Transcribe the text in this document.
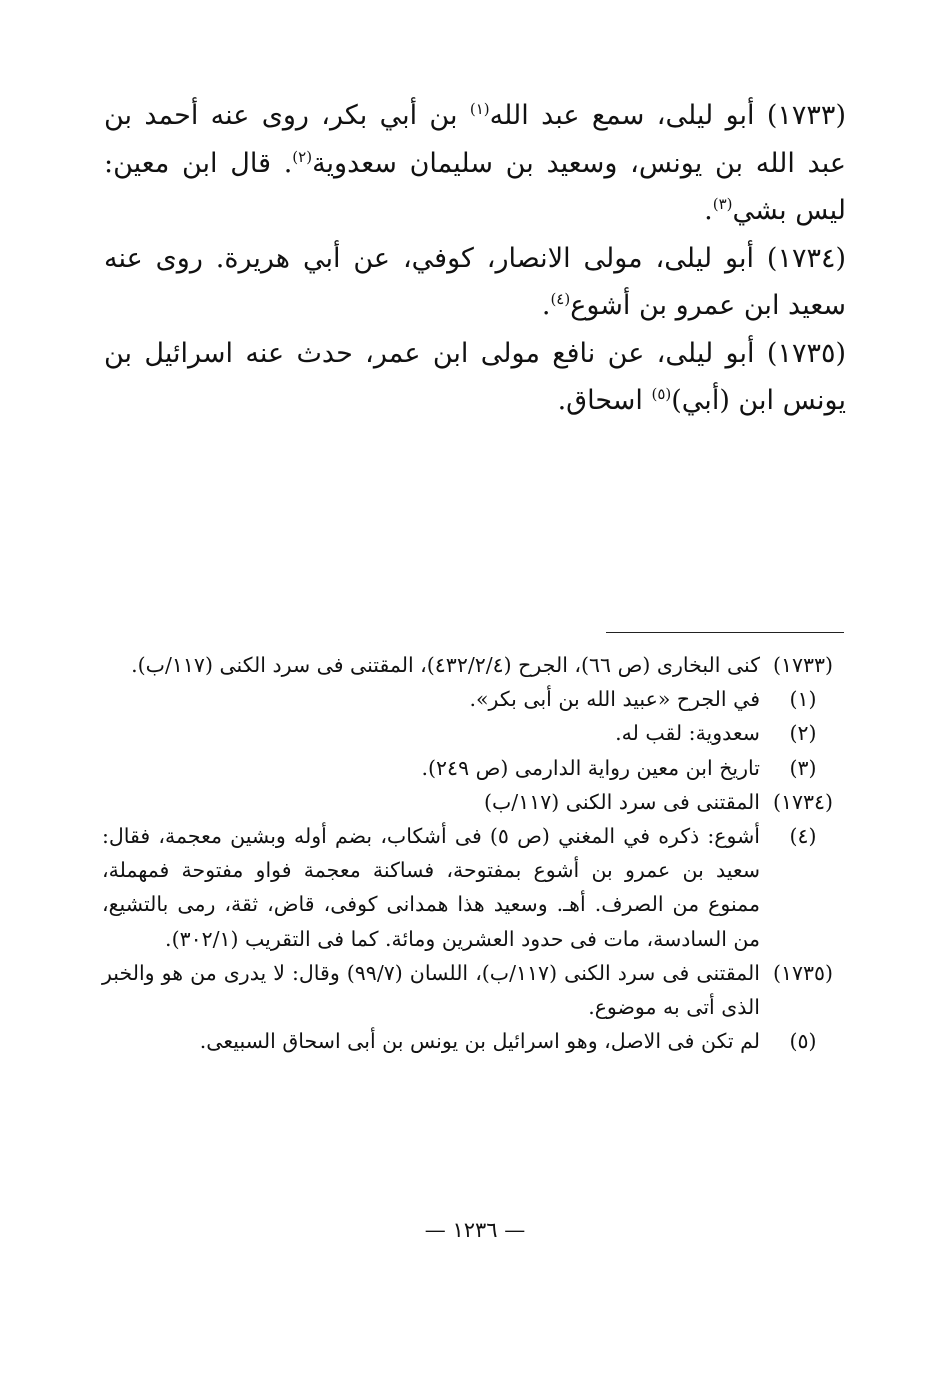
(١٧٣٣) أبو ليلى، سمع عبد الله$^{(١)}$ بن أبي بكر، روى عنه أحمد بن عبد الله بن يونس، وسعيد بن سليمان سعدوية$^{(٢)}$. قال ابن معين: ليس بشي$^{(٣)}$.

(١٧٣٤) أبو ليلى، مولى الانصار، كوفي، عن أبي هريرة. روى عنه سعيد ابن عمرو بن أشوع$^{(٤)}$.

(١٧٣٥) أبو ليلى، عن نافع مولى ابن عمر، حدث عنه اسرائيل بن يونس ابن (أبي)$^{(٥)}$ اسحاق.

(١٧٣٣)
كنى البخارى (ص ٦٦)، الجرح (٤٣٢/٢/٤)، المقتنى فى سرد الكنى (١١٧/ب).
(١)
في الجرح «عبيد الله بن أبى بكر».
(٢)
سعدوية: لقب له.
(٣)
تاريخ ابن معين رواية الدارمى (ص ٢٤٩).
(١٧٣٤)
المقتنى فى سرد الكنى (١١٧/ب)
(٤)
أشوع: ذكره في المغني (ص ٥) فى أشكاب، بضم أوله وبشين معجمة، فقال: سعيد بن عمرو بن أشوع بمفتوحة، فساكنة معجمة فواو مفتوحة فمهملة، ممنوع من الصرف. أهـ. وسعيد هذا همدانى كوفى، قاض، ثقة، رمى بالتشيع، من السادسة، مات فى حدود العشرين ومائة. كما فى التقريب (٣٠٢/١).
(١٧٣٥)
المقتنى فى سرد الكنى (١١٧/ب)، اللسان (٩٩/٧) وقال: لا يدرى من هو والخبر الذى أتى به موضوع.
(٥)
لم تكن فى الاصل، وهو اسرائيل بن يونس بن أبى اسحاق السبيعى.
— ١٢٣٦ —
